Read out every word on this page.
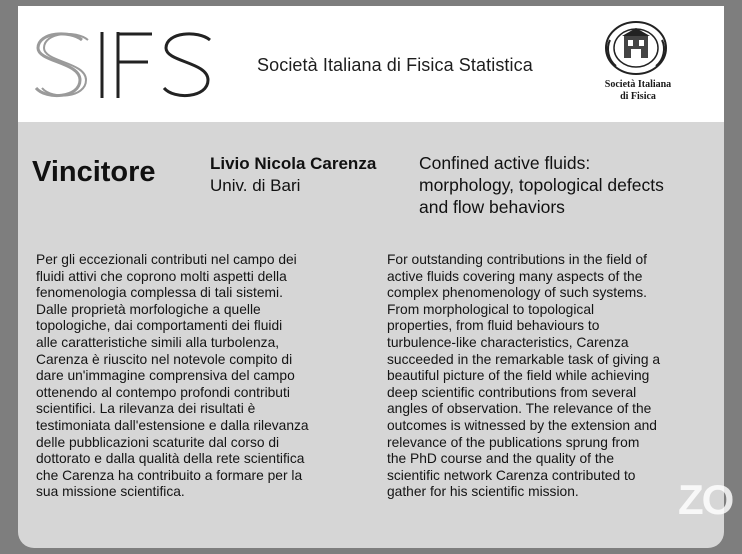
Società Italiana di Fisica Statistica
Società Italiana
di Fisica
Vincitore	Livio Nicola Carenza
Univ. di Bari
Confined active fluids:
morphology, topological defects
and flow behaviors
Per gli eccezionali contributi nel campo dei
fluidi attivi che coprono molti aspetti della
fenomenologia complessa di tali sistemi.
Dalle proprietà morfologiche a quelle
topologiche, dai comportamenti dei fluidi
alle caratteristiche simili alla turbolenza,
Carenza è riuscito nel notevole compito di
dare un'immagine comprensiva del campo
ottenendo al contempo profondi contributi
scientifici. La rilevanza dei risultati è
testimoniata dall'estensione e dalla rilevanza
delle pubblicazioni scaturite dal corso di
dottorato e dalla qualità della rete scientifica
che Carenza ha contribuito a formare per la
sua missione scientifica.
For outstanding contributions in the field of
active fluids covering many aspects of the
complex phenomenology of such systems.
From morphological to topological
properties, from fluid behaviours to
turbulence-like characteristics, Carenza
succeeded in the remarkable task of giving a
beautiful picture of the field while achieving
deep scientific contributions from several
angles of observation. The relevance of the
outcomes is witnessed by the extension and
relevance of the publications sprung from
the PhD course and the quality of the
scientific network Carenza contributed to
gather for his scientific mission.	ZO
